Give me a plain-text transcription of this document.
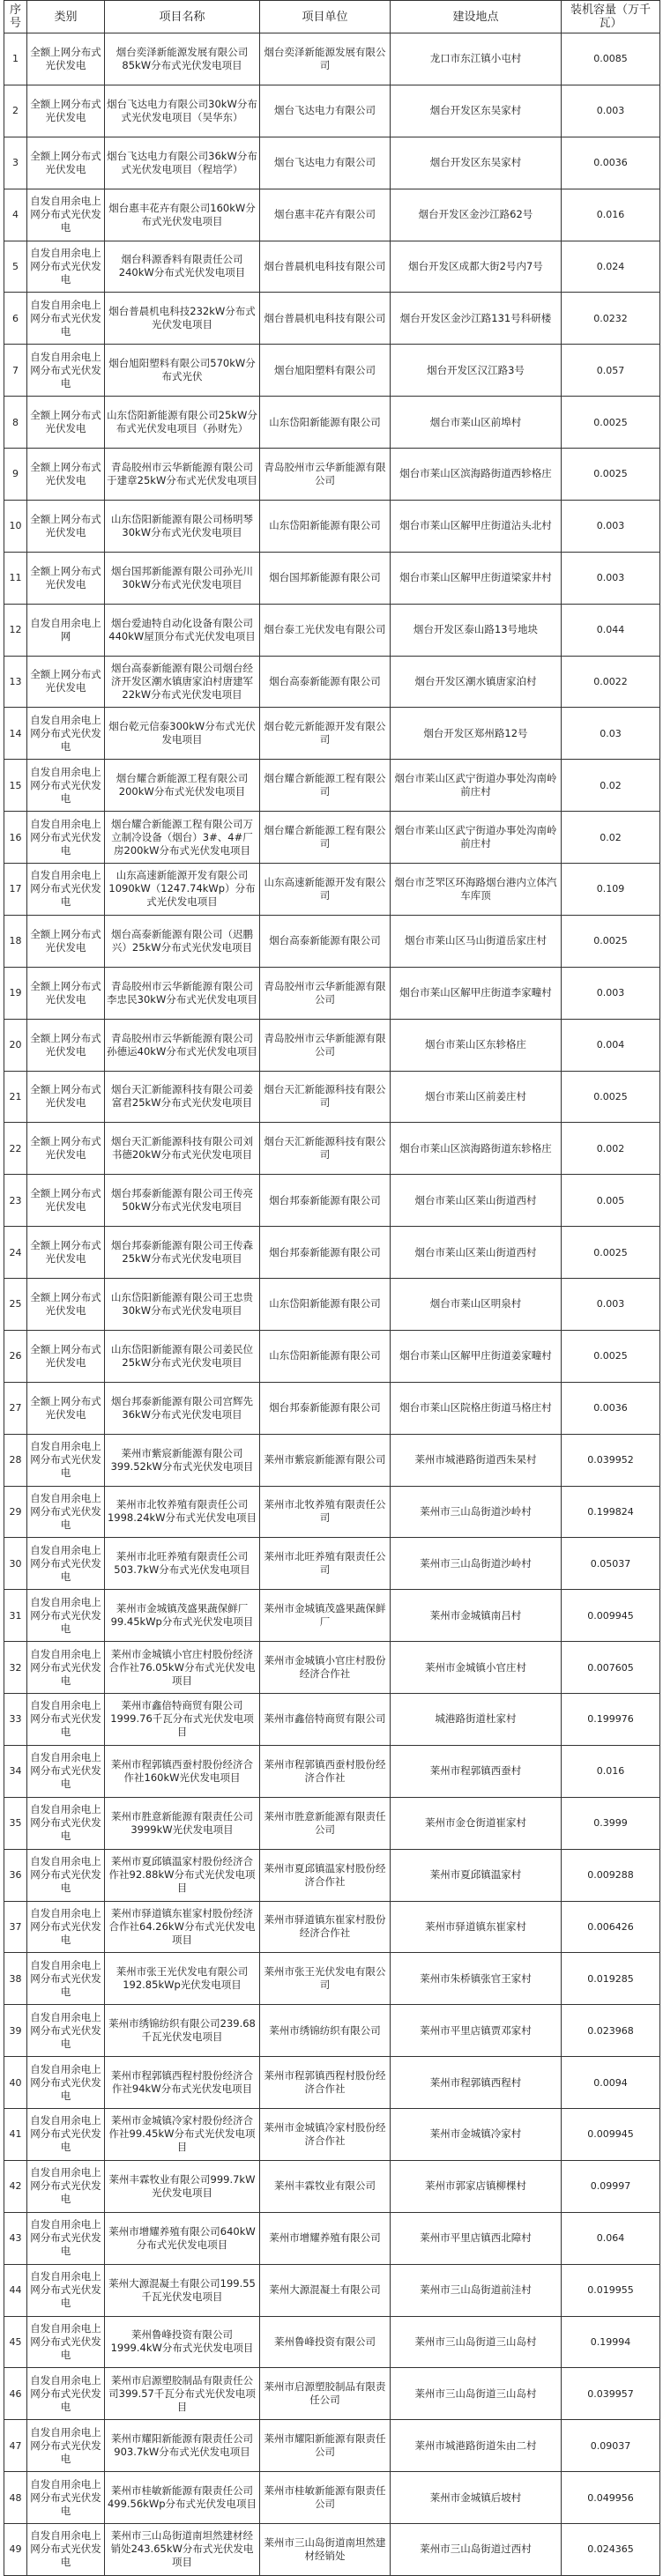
序号	类别	项目名称	项目单位	建设地点	装机容量（万千瓦）
1	全额上网分布式光伏发电	烟台奕泽新能源发展有限公司85kW分布式光伏发电项目	烟台奕泽新能源发展有限公司	龙口市东江镇小屯村	0.0085
2	全额上网分布式光伏发电	烟台飞达电力有限公司30kW分布式光伏发电项目（吴华东）	烟台飞达电力有限公司	烟台开发区东吴家村	0.003
3	全额上网分布式光伏发电	烟台飞达电力有限公司36kW分布式光伏发电项目（程培学）	烟台飞达电力有限公司	烟台开发区东吴家村	0.0036
4	自发自用余电上网分布式光伏发电	烟台惠丰花卉有限公司160kW分布式光伏发电项目	烟台惠丰花卉有限公司	烟台开发区金沙江路62号	0.016
5	自发自用余电上网分布式光伏发电	烟台科源香料有限责任公司240kW分布式光伏发电项目	烟台普晨机电科技有限公司	烟台开发区成都大街2号内7号	0.024
6	自发自用余电上网分布式光伏发电	烟台普晨机电科技232kW分布式光伏发电项目	烟台普晨机电科技有限公司	烟台开发区金沙江路131号科研楼	0.0232
7	自发自用余电上网分布式光伏发电	烟台旭阳塑料有限公司570kW分布式光伏	烟台旭阳塑料有限公司	烟台开发区汉江路3号	0.057
8	全额上网分布式光伏发电	山东岱阳新能源有限公司25kW分布式光伏发电项目（孙财先）	山东岱阳新能源有限公司	烟台市莱山区前埠村	0.0025
9	全额上网分布式光伏发电	青岛胶州市云华新能源有限公司于建章25kW分布式光伏发电项目	青岛胶州市云华新能源有限公司	烟台市莱山区滨海路街道西轸格庄	0.0025
10	全额上网分布式光伏发电	山东岱阳新能源有限公司杨明琴30kW分布式光伏发电项目	山东岱阳新能源有限公司	烟台市莱山区解甲庄街道沾头北村	0.003
11	全额上网分布式光伏发电	烟台国邦新能源有限公司孙光川30kW分布式光伏发电项目	烟台国邦新能源有限公司	烟台市莱山区解甲庄街道梁家井村	0.003
12	自发自用余电上网	烟台爱迪特自动化设备有限公司440kW屋顶分布式光伏发电项目	烟台泰工光伏发电有限公司	烟台开发区泰山路13号地块	0.044
13	全额上网分布式光伏发电	烟台高泰新能源有限公司烟台经济开发区潮水镇唐家泊村唐建军22kW分布式光伏发电项目	烟台高泰新能源有限公司	烟台开发区潮水镇唐家泊村	0.0022
14	自发自用余电上网分布式光伏发电	烟台乾元信泰300kW分布式光伏发电项目	烟台乾元新能源开发有限公司	烟台开发区郑州路12号	0.03
15	自发自用余电上网分布式光伏发电	烟台耀合新能源工程有限公司200kW分布式光伏发电项目	烟台耀合新能源工程有限公司	烟台市莱山区武宁街道办事处沟南岭前庄村	0.02
16	自发自用余电上网分布式光伏发电	烟台耀合新能源工程有限公司万立制冷设备（烟台）3#、4#厂房200kW分布式光伏发电项目	烟台耀合新能源工程有限公司	烟台市莱山区武宁街道办事处沟南岭前庄村	0.02
17	自发自用余电上网分布式光伏发电	山东高速新能源开发有限公司1090kW（1247.74kWp）分布式光伏发电项目	山东高速新能源开发有限公司	烟台市芝罘区环海路烟台港内立体汽车库顶	0.109
18	全额上网分布式光伏发电	烟台高泰新能源有限公司（迟鹏兴）25kW分布式光伏发电项目	烟台高泰新能源有限公司	烟台市莱山区马山街道岳家庄村	0.0025
19	全额上网分布式光伏发电	青岛胶州市云华新能源有限公司李忠民30kW分布式光伏发电项目	青岛胶州市云华新能源有限公司	烟台市莱山区解甲庄街道李家疃村	0.003
20	全额上网分布式光伏发电	青岛胶州市云华新能源有限公司孙德运40kW分布式光伏发电项目	青岛胶州市云华新能源有限公司	烟台市莱山区东轸格庄	0.004
21	全额上网分布式光伏发电	烟台天汇新能源科技有限公司姜富君25kW分布式光伏发电项目	烟台天汇新能源科技有限公司	烟台市莱山区前姜庄村	0.0025
22	全额上网分布式光伏发电	烟台天汇新能源科技有限公司刘书德20kW分布式光伏发电项目	烟台天汇新能源科技有限公司	烟台市莱山区滨海路街道东轸格庄	0.002
23	全额上网分布式光伏发电	烟台邦泰新能源有限公司王传亮50kW分布式光伏发电项目	烟台邦泰新能源有限公司	烟台市莱山区莱山街道西村	0.005
24	全额上网分布式光伏发电	烟台邦泰新能源有限公司王传森25kW分布式光伏发电项目	烟台邦泰新能源有限公司	烟台市莱山区莱山街道西村	0.0025
25	全额上网分布式光伏发电	山东岱阳新能源有限公司王忠贵30kW分布式光伏发电项目	山东岱阳新能源有限公司	烟台市莱山区明泉村	0.003
26	全额上网分布式光伏发电	山东岱阳新能源有限公司姜民位25kW分布式光伏发电项目	山东岱阳新能源有限公司	烟台市莱山区解甲庄街道姜家疃村	0.0025
27	全额上网分布式光伏发电	烟台邦泰新能源有限公司宫辉先36kW分布式光伏发电项目	烟台邦泰新能源有限公司	烟台市莱山区院格庄街道马格庄村	0.0036
28	自发自用余电上网分布式光伏发电	莱州市紫宸新能源有限公司399.52kW分布式光伏发电项目	莱州市紫宸新能源有限公司	莱州市城港路街道西朱杲村	0.039952
29	自发自用余电上网分布式光伏发电	莱州市北牧养殖有限责任公司1998.24kW分布式光伏发电项目	莱州市北牧养殖有限责任公司	莱州市三山岛街道沙岭村	0.199824
30	自发自用余电上网分布式光伏发电	莱州市北旺养殖有限责任公司503.7kW分布式光伏发电项目	莱州市北旺养殖有限责任公司	莱州市三山岛街道沙岭村	0.05037
31	自发自用余电上网分布式光伏发电	莱州市金城镇茂盛果蔬保鲜厂99.45kWp分布式光伏发电项目	莱州市金城镇茂盛果蔬保鲜厂	莱州市金城镇南吕村	0.009945
32	自发自用余电上网分布式光伏发电	莱州市金城镇小官庄村股份经济合作社76.05kW分布式光伏发电项目	莱州市金城镇小官庄村股份经济合作社	莱州市金城镇小官庄村	0.007605
33	自发自用余电上网分布式光伏发电	莱州市鑫倍特商贸有限公司1999.76千瓦分布式光伏发电项目	莱州市鑫倍特商贸有限公司	城港路街道杜家村	0.199976
34	自发自用余电上网分布式光伏发电	莱州市程郭镇西蚕村股份经济合作社160kW光伏发电项目	莱州市程郭镇西蚕村股份经济合作社	莱州市程郭镇西蚕村	0.016
35	自发自用余电上网分布式光伏发电	莱州市胜意新能源有限责任公司3999kW光伏发电项目	莱州市胜意新能源有限责任公司	莱州市金仓街道崔家村	0.3999
36	自发自用余电上网分布式光伏发电	莱州市夏邱镇温家村股份经济合作社92.88kW分布式光伏发电项目	莱州市夏邱镇温家村股份经济合作社	莱州市夏邱镇温家村	0.009288
37	自发自用余电上网分布式光伏发电	莱州市驿道镇东崔家村股份经济合作社64.26kW分布式光伏发电项目	莱州市驿道镇东崔家村股份经济合作社	莱州市驿道镇东崔家村	0.006426
38	自发自用余电上网分布式光伏发电	莱州市张王光伏发电有限公司192.85kWp光伏发电项目	莱州市张王光伏发电有限公司	莱州市朱桥镇张官王家村	0.019285
39	自发自用余电上网分布式光伏发电	莱州市绣锦纺织有限公司239.68千瓦光伏发电项目	莱州市绣锦纺织有限公司	莱州市平里店镇贾邓家村	0.023968
40	自发自用余电上网分布式光伏发电	莱州市程郭镇西程村股份经济合作社94kW分布式光伏发电项目	莱州市程郭镇西程村股份经济合作社	莱州市程郭镇西程村	0.0094
41	自发自用余电上网分布式光伏发电	莱州市金城镇冷家村股份经济合作社99.45kW分布式光伏发电项目	莱州市金城镇冷家村股份经济合作社	莱州市金城镇冷家村	0.009945
42	自发自用余电上网分布式光伏发电	莱州丰霖牧业有限公司999.7kW光伏发电项目	莱州丰霖牧业有限公司	莱州市郭家店镇柳棵村	0.09997
43	自发自用余电上网分布式光伏发电	莱州市增耀养殖有限公司640kW分布式光伏发电项目	莱州市增耀养殖有限公司	莱州市平里店镇西北障村	0.064
44	自发自用余电上网分布式光伏发电	莱州大源混凝土有限公司199.55千瓦光伏发电项目	莱州大源混凝土有限公司	莱州市三山岛街道前洼村	0.019955
45	自发自用余电上网分布式光伏发电	莱州鲁峰投资有限公司1999.4kW分布式光伏发电项目	莱州鲁峰投资有限公司	莱州市三山岛街道三山岛村	0.19994
46	自发自用余电上网分布式光伏发电	莱州市启源塑胶制品有限责任公司399.57千瓦分布式光伏发电项目	莱州市启源塑胶制品有限责任公司	莱州市三山岛街道三山岛村	0.039957
47	自发自用余电上网分布式光伏发电	莱州市耀阳新能源有限责任公司903.7kW分布式光伏发电项目	莱州市耀阳新能源有限责任公司	莱州市城港路街道朱由二村	0.09037
48	自发自用余电上网分布式光伏发电	莱州市桂敏新能源有限责任公司499.56kWp分布式光伏发电项目	莱州市桂敏新能源有限责任公司	莱州市金城镇后坡村	0.049956
49	自发自用余电上网分布式光伏发电	莱州市三山岛街道南坦然建材经销处243.65kW分布式光伏发电项目	莱州市三山岛街道南坦然建材经销处	莱州市三山岛街道过西村	0.024365
